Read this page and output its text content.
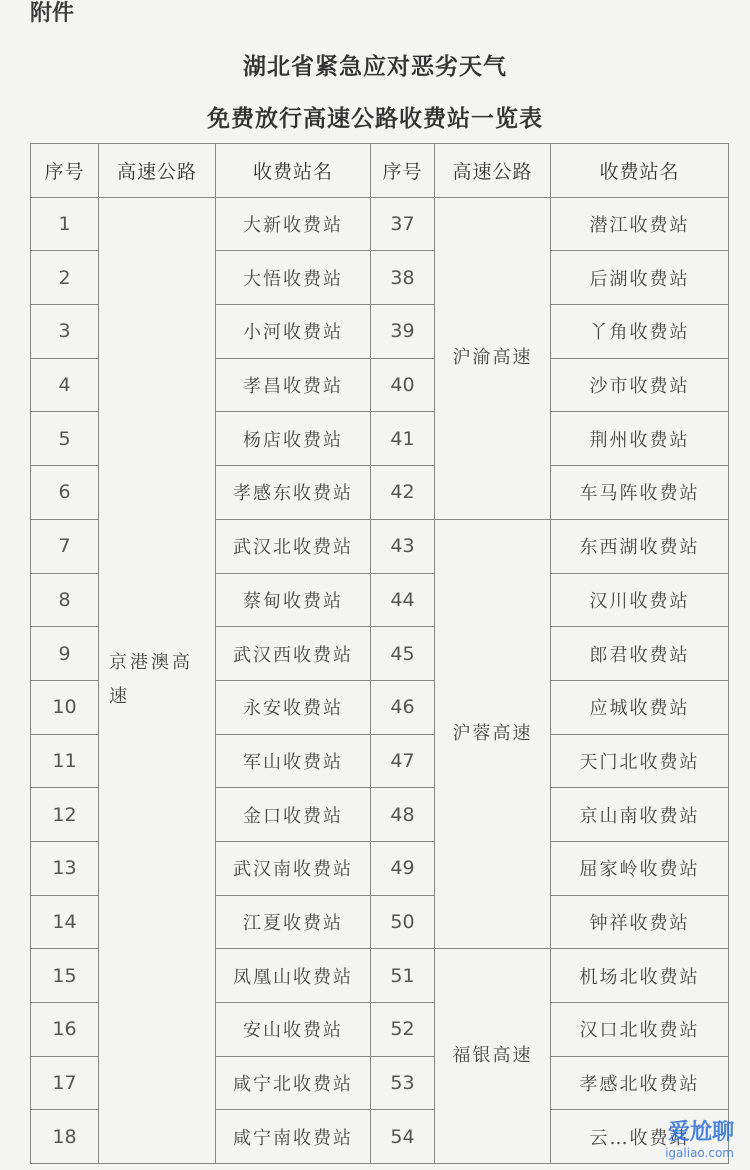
附件
湖北省紧急应对恶劣天气
免费放行高速公路收费站一览表
序号	高速公路	收费站名	序号	高速公路	收费站名
1	京港澳高速	大新收费站	37	沪渝高速	潜江收费站
2		大悟收费站	38		后湖收费站
3		小河收费站	39		丫角收费站
4		孝昌收费站	40		沙市收费站
5		杨店收费站	41		荆州收费站
6		孝感东收费站	42		车马阵收费站
7		武汉北收费站	43	沪蓉高速	东西湖收费站
8		蔡甸收费站	44		汉川收费站
9		武汉西收费站	45		郎君收费站
10		永安收费站	46		应城收费站
11		军山收费站	47		天门北收费站
12		金口收费站	48		京山南收费站
13		武汉南收费站	49		屈家岭收费站
14		江夏收费站	50		钟祥收费站
15		凤凰山收费站	51	福银高速	机场北收费站
16		安山收费站	52		汉口北收费站
17		咸宁北收费站	53		孝感北收费站
18		咸宁南收费站	54		云…收费站
爱尬聊
igaliao.com
